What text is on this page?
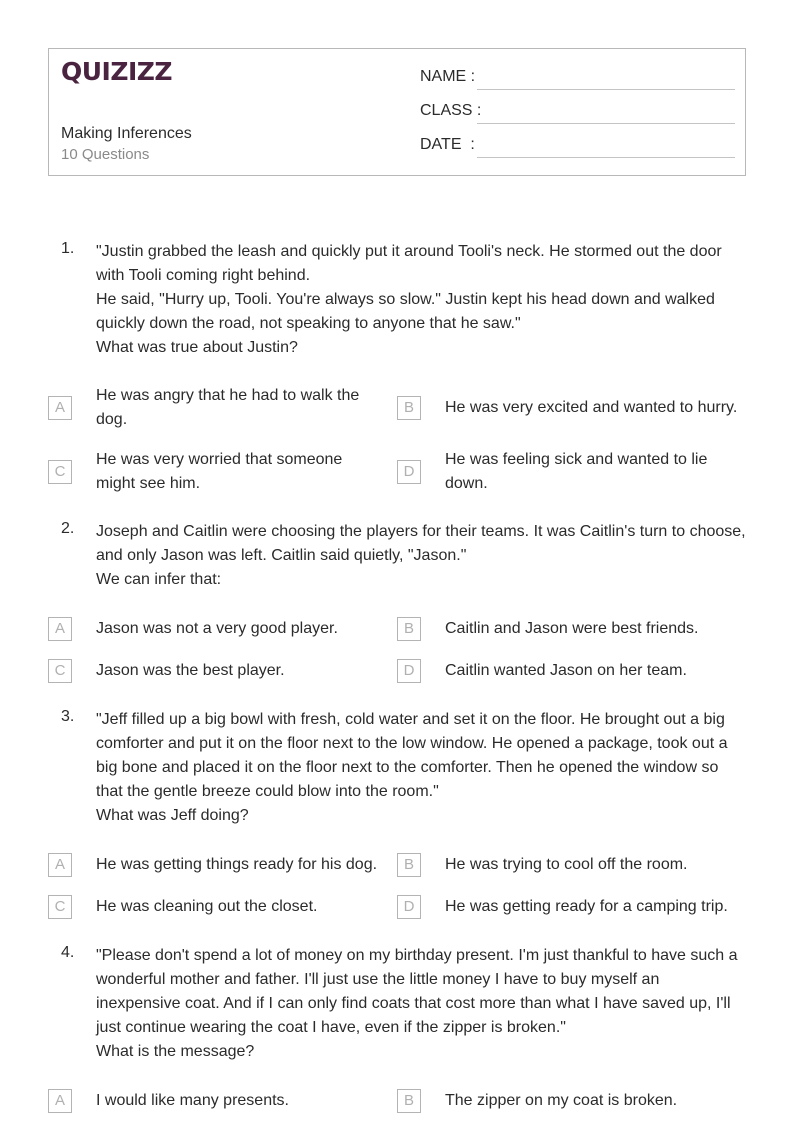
QUIZIZZ
Making Inferences
10 Questions
NAME :
CLASS :
DATE  :
1. "Justin grabbed the leash and quickly put it around Tooli's neck. He stormed out the door with Tooli coming right behind.

He said, "Hurry up, Tooli. You're always so slow." Justin kept his head down and walked quickly down the road, not speaking to anyone that he saw."

What was true about Justin?

A
He was angry that he had to walk the dog.
B	He was very excited and wanted to hurry.
C
He was very worried that someone might see him.
D
He was feeling sick and wanted to lie down.
2. Joseph and Caitlin were choosing the players for their teams. It was Caitlin's turn to choose, and only Jason was left. Caitlin said quietly, "Jason."

We can infer that:

A	Jason was not a very good player.	B	Caitlin and Jason were best friends.
C	Jason was the best player.	D	Caitlin wanted Jason on her team.
3. "Jeff filled up a big bowl with fresh, cold water and set it on the floor. He brought out a big comforter and put it on the floor next to the low window. He opened a package, took out a big bone and placed it on the floor next to the comforter. Then he opened the window so that the gentle breeze could blow into the room."

What was Jeff doing?

A	He was getting things ready for his dog.	B	He was trying to cool off the room.
C	He was cleaning out the closet.	D	He was getting ready for a camping trip.
4. "Please don't spend a lot of money on my birthday present. I'm just thankful to have such a wonderful mother and father. I'll just use the little money I have to buy myself an inexpensive coat. And if I can only find coats that cost more than what I have saved up, I'll just continue wearing the coat I have, even if the zipper is broken."

What is the message?

A	I would like many presents.	B	The zipper on my coat is broken.
